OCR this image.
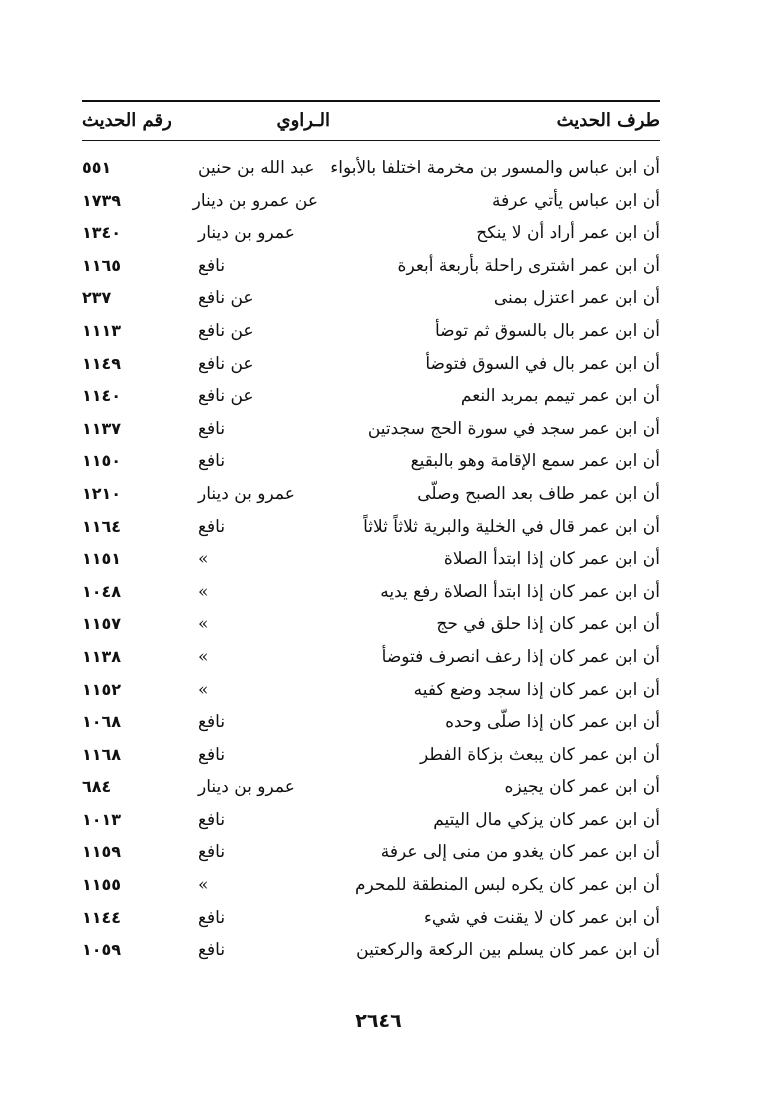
طرف الحديث
الـراوي
رقم الحديث
أن ابن عباس والمسور بن مخرمة اختلفا بالأبواء
عبد الله بن حنين
٥٥١
أن ابن عباس يأتي عرفة
عن عمرو بن دينار
١٧٣٩
أن ابن عمر أراد أن لا ينكح
عمرو بن دينار
١٣٤٠
أن ابن عمر اشترى راحلة بأربعة أبعرة
نافع
١١٦٥
أن ابن عمر اعتزل بمنى
عن نافع
٢٣٧
أن ابن عمر بال بالسوق ثم توضأ
عن نافع
١١١٣
أن ابن عمر بال في السوق فتوضأ
عن نافع
١١٤٩
أن ابن عمر تيمم بمربد النعم
عن نافع
١١٤٠
أن ابن عمر سجد في سورة الحج سجدتين
نافع
١١٣٧
أن ابن عمر سمع الإقامة وهو بالبقيع
نافع
١١٥٠
أن ابن عمر طاف بعد الصبح وصلّى
عمرو بن دينار
١٢١٠
أن ابن عمر قال في الخلية والبرية ثلاثاً ثلاثاً
نافع
١١٦٤
أن ابن عمر كان إذا ابتدأ الصلاة
»
١١٥١
أن ابن عمر كان إذا ابتدأ الصلاة رفع يديه
»
١٠٤٨
أن ابن عمر كان إذا حلق في حج
»
١١٥٧
أن ابن عمر كان إذا رعف انصرف فتوضأ
»
١١٣٨
أن ابن عمر كان إذا سجد وضع كفيه
»
١١٥٢
أن ابن عمر كان إذا صلّى وحده
نافع
١٠٦٨
أن ابن عمر كان يبعث بزكاة الفطر
نافع
١١٦٨
أن ابن عمر كان يجيزه
عمرو بن دينار
٦٨٤
أن ابن عمر كان يزكي مال اليتيم
نافع
١٠١٣
أن ابن عمر كان يغدو من منى إلى عرفة
نافع
١١٥٩
أن ابن عمر كان يكره لبس المنطقة للمحرم
»
١١٥٥
أن ابن عمر كان لا يقنت في شيء
نافع
١١٤٤
أن ابن عمر كان يسلم بين الركعة والركعتين
نافع
١٠٥٩
٢٦٤٦
